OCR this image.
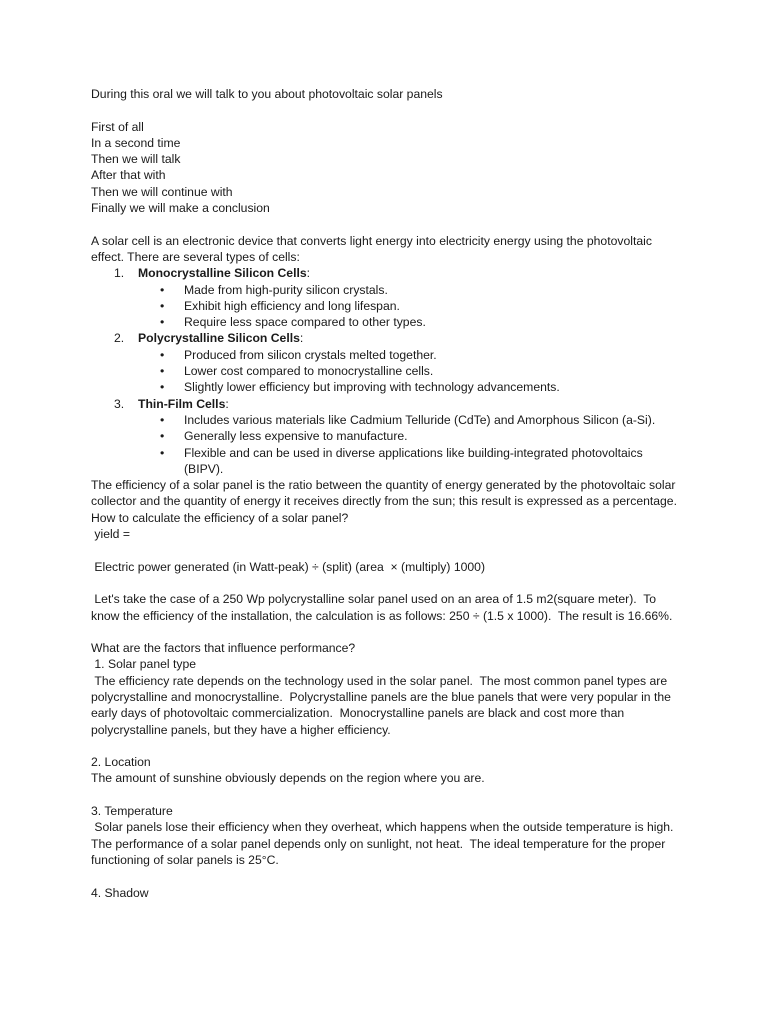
During this oral we will talk to you about photovoltaic solar panels

First of all

In a second time

Then we will talk

After that with

Then we will continue with

Finally we will make a conclusion

A solar cell is an electronic device that converts light energy into electricity energy using the photovoltaic effect. There are several types of cells:

1. Monocrystalline Silicon Cells:
• Made from high-purity silicon crystals.
• Exhibit high efficiency and long lifespan.
• Require less space compared to other types.
2. Polycrystalline Silicon Cells:
• Produced from silicon crystals melted together.
• Lower cost compared to monocrystalline cells.
• Slightly lower efficiency but improving with technology advancements.
3. Thin-Film Cells:
• Includes various materials like Cadmium Telluride (CdTe) and Amorphous Silicon (a-Si).
• Generally less expensive to manufacture.
• Flexible and can be used in diverse applications like building-integrated photovoltaics (BIPV).

The efficiency of a solar panel is the ratio between the quantity of energy generated by the photovoltaic solar collector and the quantity of energy it receives directly from the sun; this result is expressed as a percentage.  How to calculate the efficiency of a solar panel?

yield =

Electric power generated (in Watt-peak) ÷ (split) (area  × (multiply) 1000)

Let's take the case of a 250 Wp polycrystalline solar panel used on an area of 1.5 m2(square meter).  To know the efficiency of the installation, the calculation is as follows: 250 ÷ (1.5 x 1000).  The result is 16.66%.

What are the factors that influence performance?

1. Solar panel type

The efficiency rate depends on the technology used in the solar panel.  The most common panel types are polycrystalline and monocrystalline.  Polycrystalline panels are the blue panels that were very popular in the early days of photovoltaic commercialization.  Monocrystalline panels are black and cost more than polycrystalline panels, but they have a higher efficiency.

2. Location

The amount of sunshine obviously depends on the region where you are.

3. Temperature

Solar panels lose their efficiency when they overheat, which happens when the outside temperature is high.  The performance of a solar panel depends only on sunlight, not heat.  The ideal temperature for the proper functioning of solar panels is 25°C.

4. Shadow
